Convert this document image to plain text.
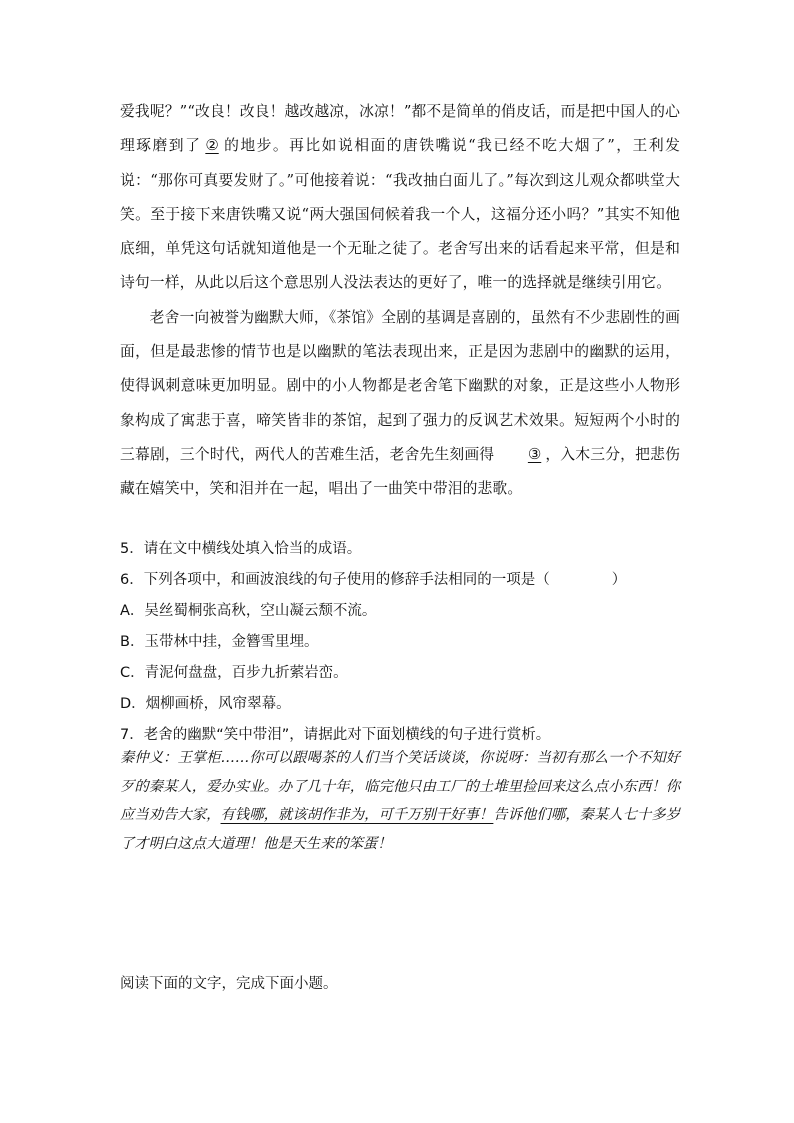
爱我呢？”“改良！改良！越改越凉，冰凉！”都不是简单的俏皮话，而是把中国人的心理琢磨到了 ② 的地步。再比如说相面的唐铁嘴说“我已经不吃大烟了”，王利发说：“那你可真要发财了。”可他接着说：“我改抽白面儿了。”每次到这儿观众都哄堂大笑。至于接下来唐铁嘴又说“两大强国伺候着我一个人，这福分还小吗？”其实不知他底细，单凭这句话就知道他是一个无耻之徒了。老舍写出来的话看起来平常，但是和诗句一样，从此以后这个意思别人没法表达的更好了，唯一的选择就是继续引用它。

老舍一向被誉为幽默大师，《茶馆》全剧的基调是喜剧的，虽然有不少悲剧性的画面，但是最悲惨的情节也是以幽默的笔法表现出来，正是因为悲剧中的幽默的运用，使得讽刺意味更加明显。剧中的小人物都是老舍笔下幽默的对象，正是这些小人物形象构成了寓悲于喜，啼笑皆非的茶馆，起到了强力的反讽艺术效果。短短两个小时的三幕剧，三个时代，两代人的苦难生活，老舍先生刻画得 ③ ，入木三分，把悲伤藏在嬉笑中，笑和泪并在一起，唱出了一曲笑中带泪的悲歌。

5．请在文中横线处填入恰当的成语。
6．下列各项中，和画波浪线的句子使用的修辞手法相同的一项是（	）
A．吴丝蜀桐张高秋，空山凝云颓不流。
B．玉带林中挂，金簪雪里埋。
C．青泥何盘盘，百步九折萦岩峦。
D．烟柳画桥，风帘翠幕。
7．老舍的幽默“笑中带泪”，请据此对下面划横线的句子进行赏析。

秦仲义：王掌柜……你可以跟喝茶的人们当个笑话谈谈，你说呀：当初有那么一个不知好歹的秦某人，爱办实业。办了几十年，临完他只由工厂的土堆里捡回来这么点小东西！你应当劝告大家，有钱哪，就该胡作非为，可千万别干好事！告诉他们哪，秦某人七十多岁了才明白这点大道理！他是天生来的笨蛋！

阅读下面的文字，完成下面小题。
